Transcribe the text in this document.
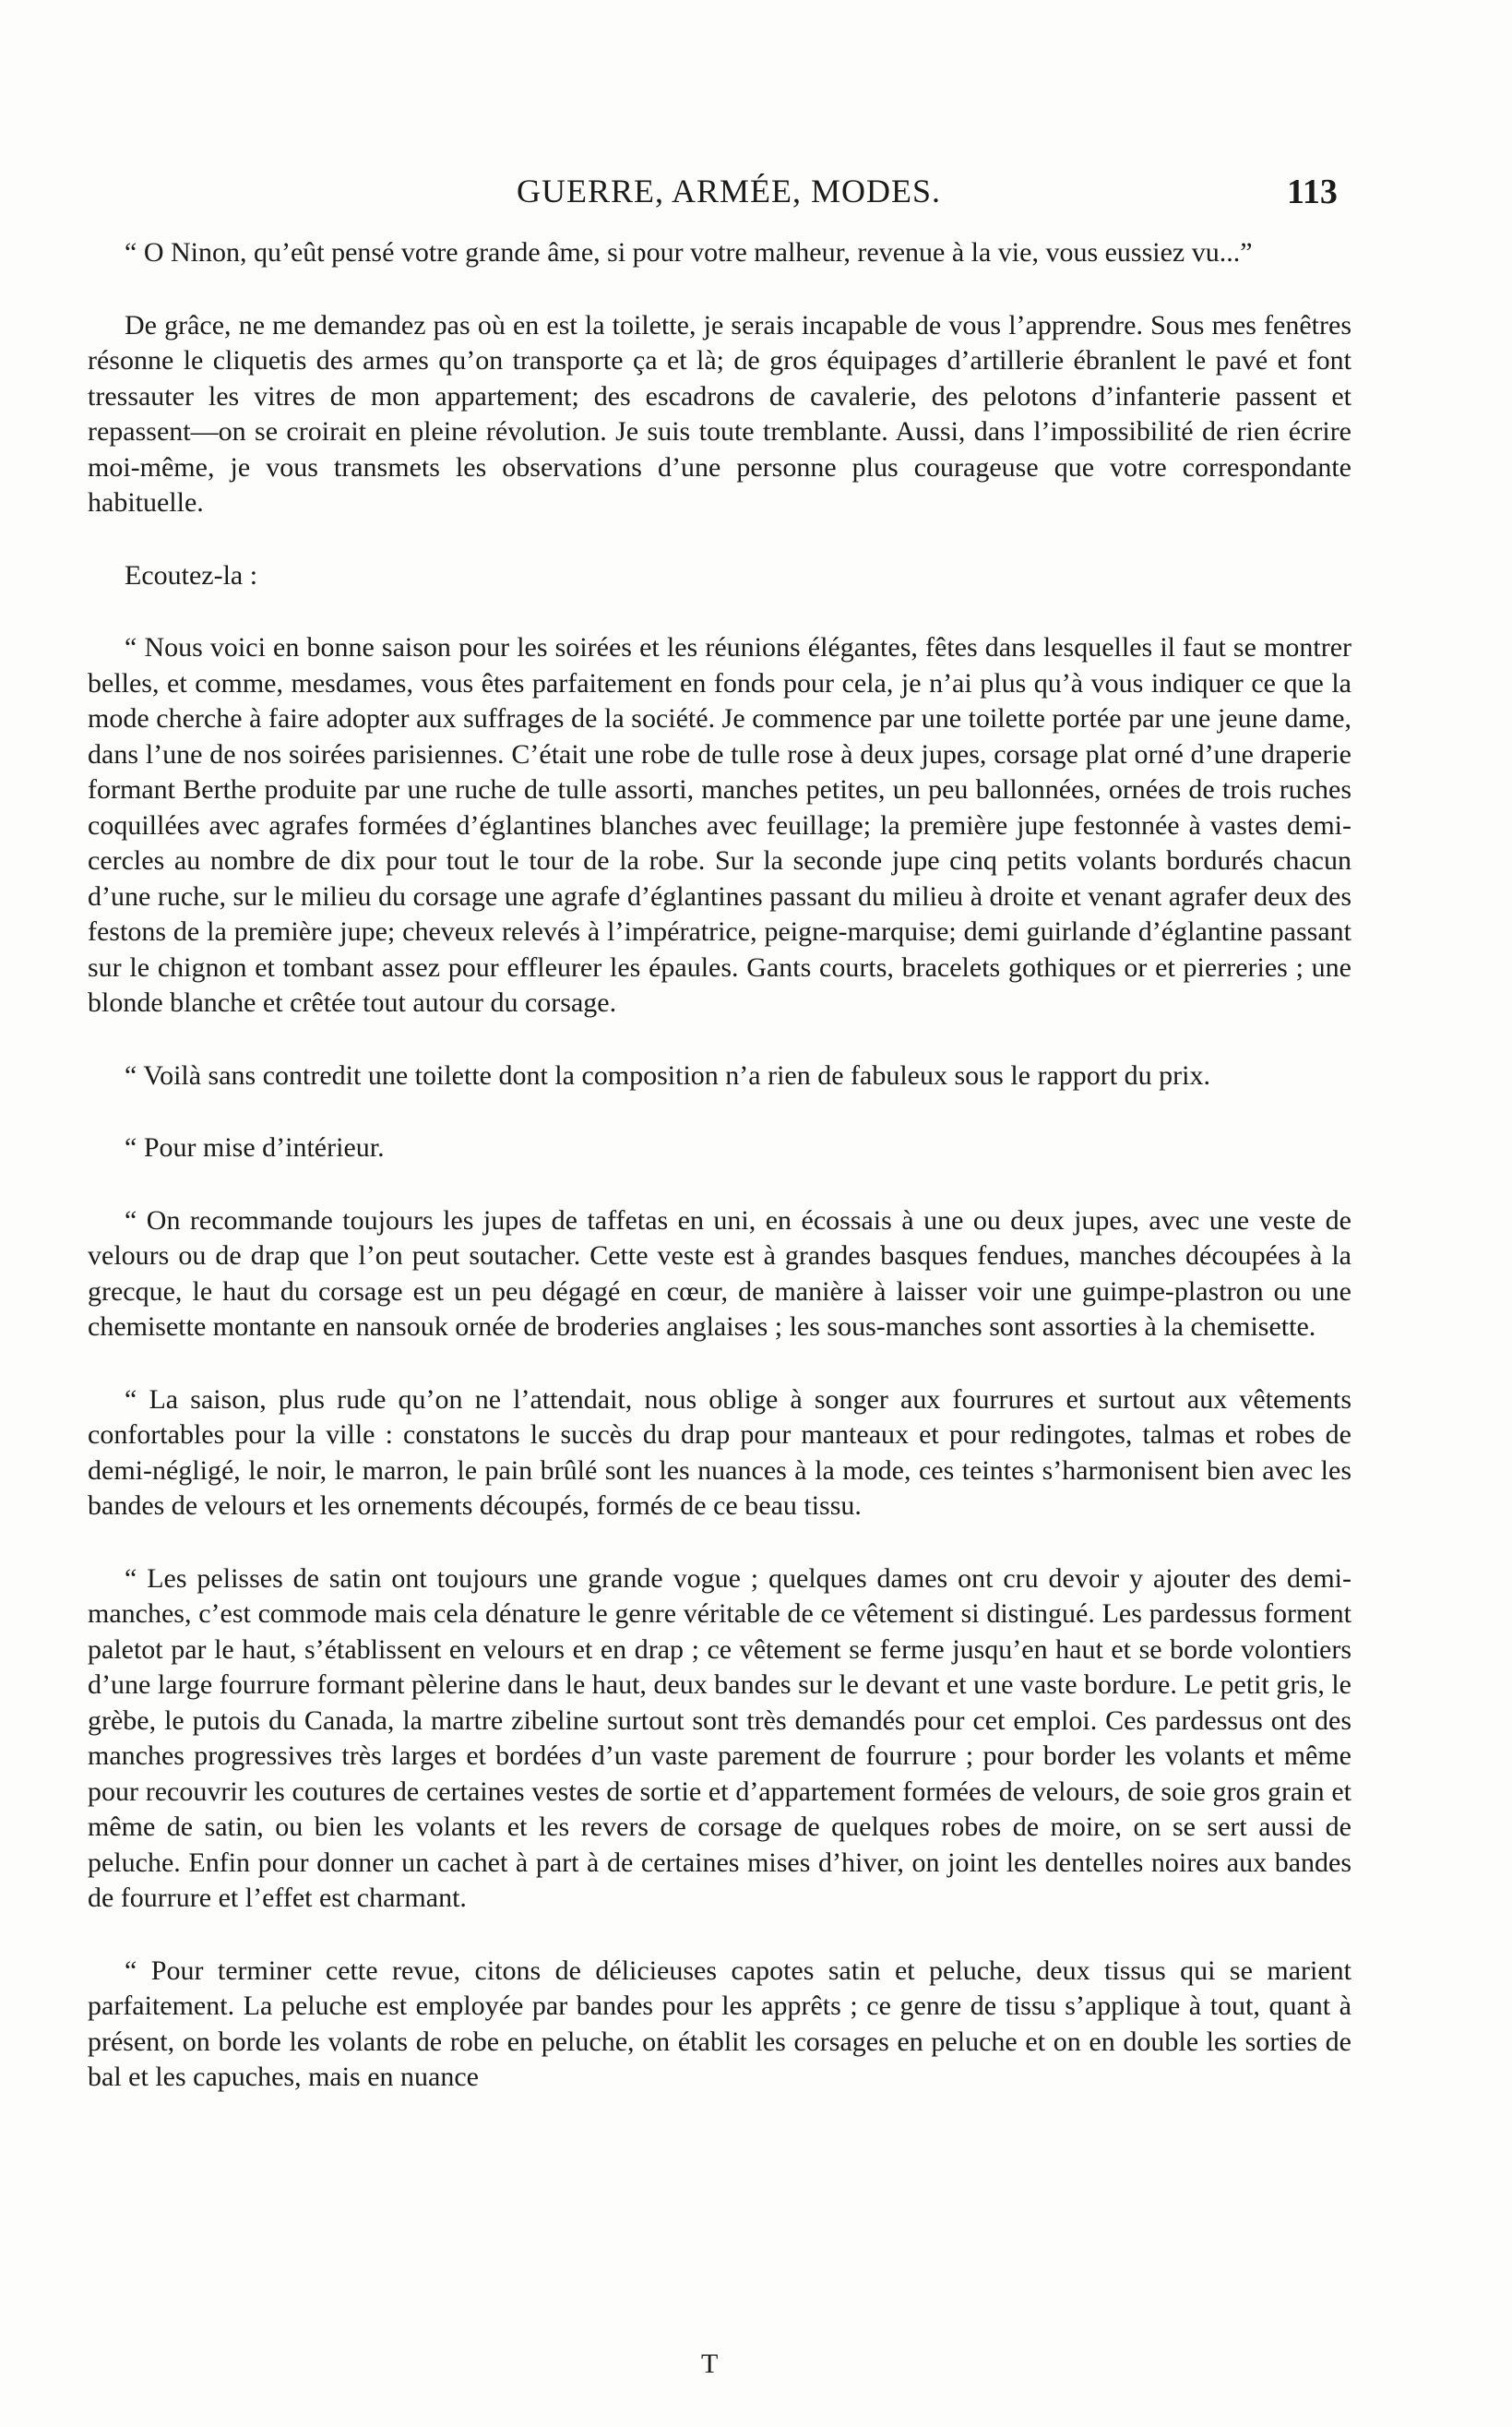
GUERRE, ARMÉE, MODES.	113

“ O Ninon, qu’eût pensé votre grande âme, si pour votre malheur, revenue à la vie, vous eussiez vu...”

De grâce, ne me demandez pas où en est la toilette, je serais incapable de vous l’apprendre. Sous mes fenêtres résonne le cliquetis des armes qu’on transporte ça et là; de gros équipages d’artillerie ébranlent le pavé et font tressauter les vitres de mon appartement; des escadrons de cavalerie, des pelotons d’infanterie passent et repassent—on se croirait en pleine révolution. Je suis toute tremblante. Aussi, dans l’impossibilité de rien écrire moi-même, je vous transmets les observations d’une personne plus courageuse que votre correspondante habituelle.

Ecoutez-la :

“ Nous voici en bonne saison pour les soirées et les réunions élégantes, fêtes dans lesquelles il faut se montrer belles, et comme, mesdames, vous êtes parfaitement en fonds pour cela, je n’ai plus qu’à vous indiquer ce que la mode cherche à faire adopter aux suffrages de la société. Je commence par une toilette portée par une jeune dame, dans l’une de nos soirées parisiennes. C’était une robe de tulle rose à deux jupes, corsage plat orné d’une draperie formant Berthe produite par une ruche de tulle assorti, manches petites, un peu ballonnées, ornées de trois ruches coquillées avec agrafes formées d’églantines blanches avec feuillage; la première jupe festonnée à vastes demi-cercles au nombre de dix pour tout le tour de la robe. Sur la seconde jupe cinq petits volants bordurés chacun d’une ruche, sur le milieu du corsage une agrafe d’églantines passant du milieu à droite et venant agrafer deux des festons de la première jupe; cheveux relevés à l’impératrice, peigne-marquise; demi guirlande d’églantine passant sur le chignon et tombant assez pour effleurer les épaules. Gants courts, bracelets gothiques or et pierreries ; une blonde blanche et crêtée tout autour du corsage.

“ Voilà sans contredit une toilette dont la composition n’a rien de fabuleux sous le rapport du prix.

“ Pour mise d’intérieur.

“ On recommande toujours les jupes de taffetas en uni, en écossais à une ou deux jupes, avec une veste de velours ou de drap que l’on peut soutacher. Cette veste est à grandes basques fendues, manches découpées à la grecque, le haut du corsage est un peu dégagé en cœur, de manière à laisser voir une guimpe-plastron ou une chemisette montante en nansouk ornée de broderies anglaises ; les sous-manches sont assorties à la chemisette.

“ La saison, plus rude qu’on ne l’attendait, nous oblige à songer aux fourrures et surtout aux vêtements confortables pour la ville : constatons le succès du drap pour manteaux et pour redingotes, talmas et robes de demi-négligé, le noir, le marron, le pain brûlé sont les nuances à la mode, ces teintes s’harmonisent bien avec les bandes de velours et les ornements découpés, formés de ce beau tissu.

“ Les pelisses de satin ont toujours une grande vogue ; quelques dames ont cru devoir y ajouter des demi-manches, c’est commode mais cela dénature le genre véritable de ce vêtement si distingué. Les pardessus forment paletot par le haut, s’établissent en velours et en drap ; ce vêtement se ferme jusqu’en haut et se borde volontiers d’une large fourrure formant pèlerine dans le haut, deux bandes sur le devant et une vaste bordure. Le petit gris, le grèbe, le putois du Canada, la martre zibeline surtout sont très demandés pour cet emploi. Ces pardessus ont des manches progressives très larges et bordées d’un vaste parement de fourrure ; pour border les volants et même pour recouvrir les coutures de certaines vestes de sortie et d’appartement formées de velours, de soie gros grain et même de satin, ou bien les volants et les revers de corsage de quelques robes de moire, on se sert aussi de peluche. Enfin pour donner un cachet à part à de certaines mises d’hiver, on joint les dentelles noires aux bandes de fourrure et l’effet est charmant.

“ Pour terminer cette revue, citons de délicieuses capotes satin et peluche, deux tissus qui se marient parfaitement. La peluche est employée par bandes pour les apprêts ; ce genre de tissu s’applique à tout, quant à présent, on borde les volants de robe en peluche, on établit les corsages en peluche et on en double les sorties de bal et les capuches, mais en nuance

T
